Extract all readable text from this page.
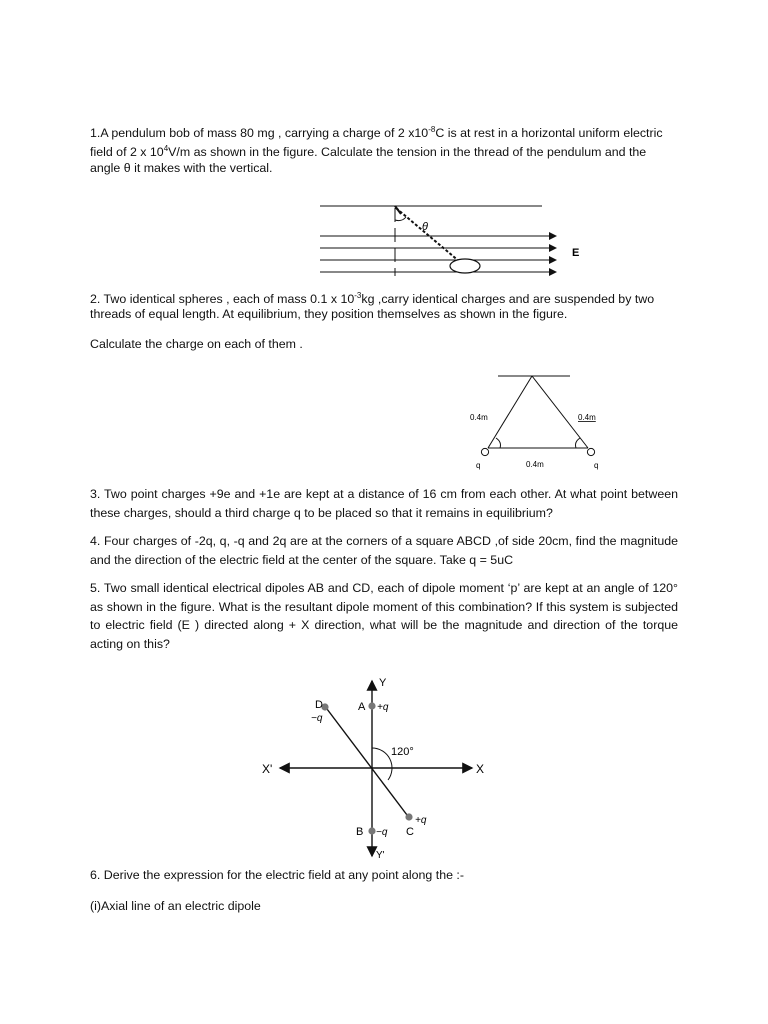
1.A pendulum bob of mass 80 mg , carrying a charge of 2 $x10^{-8}C$ is at rest in a horizontal uniform electric

field of 2 x $10^4V/m$ as shown in the figure. Calculate the tension in the thread of the pendulum and the

angle θ it makes with the vertical.

θ
E

2. Two identical spheres , each of mass 0.1 x $10^{-3}kg$ ,carry identical charges and are suspended by two

threads of equal length. At equilibrium, they position themselves as shown in the figure.

Calculate the charge on each of them .

0.4m	0.4m
0.4m
q	q

3. Two point charges +9e and +1e are kept at a distance of 16 cm from each other. At what point between these charges, should a third charge q to be placed so that it remains in equilibrium?

4. Four charges of -2q, q, -q and 2q are at the corners of a square ABCD ,of side 20cm, find the magnitude and the direction of the electric field at the center of the square. Take q = 5uC

5. Two small identical electrical dipoles AB and CD, each of dipole moment ‘p’ are kept at an angle of 120° as shown in the figure. What is the resultant dipole moment of this combination? If this system is subjected to electric field (E ) directed along + X direction, what will be the magnitude and direction of the torque acting on this?

Y
Y'
X
X'
A +q
B −q C
+q
D
−q
120°

6. Derive the expression for the electric field at any point along the :-

(i)Axial line of an electric dipole
